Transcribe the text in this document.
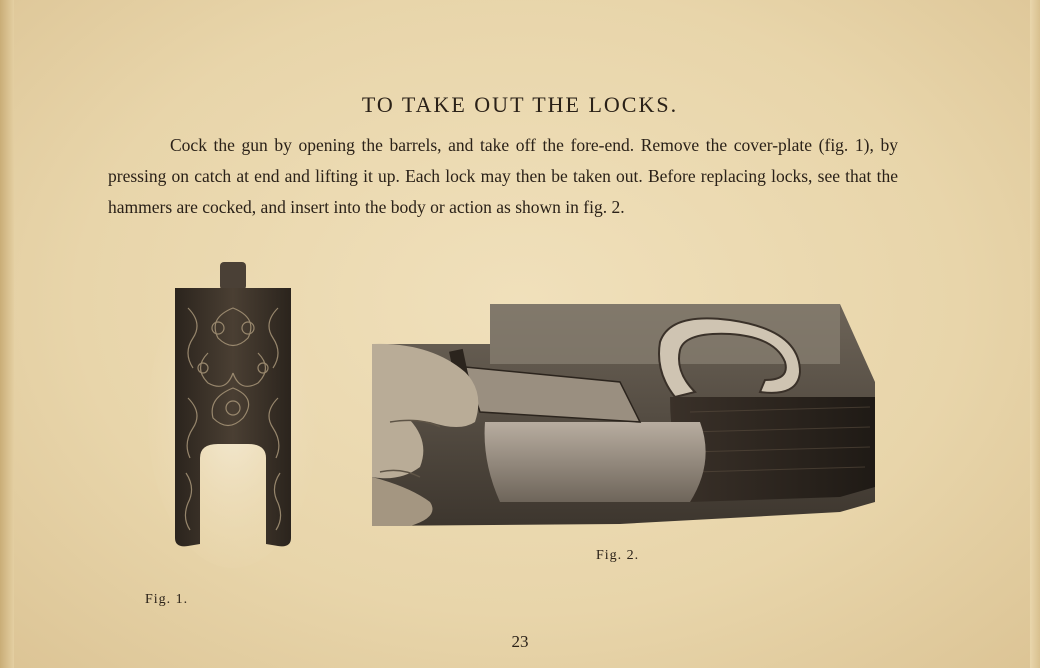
TO TAKE OUT THE LOCKS.
Cock the gun by opening the barrels, and take off the fore-end. Remove the cover-plate (fig. 1), by pressing on catch at end and lifting it up. Each lock may then be taken out. Before replacing locks, see that the hammers are cocked, and insert into the body or action as shown in fig. 2.
Fig. 1.
Fig. 2.
23
